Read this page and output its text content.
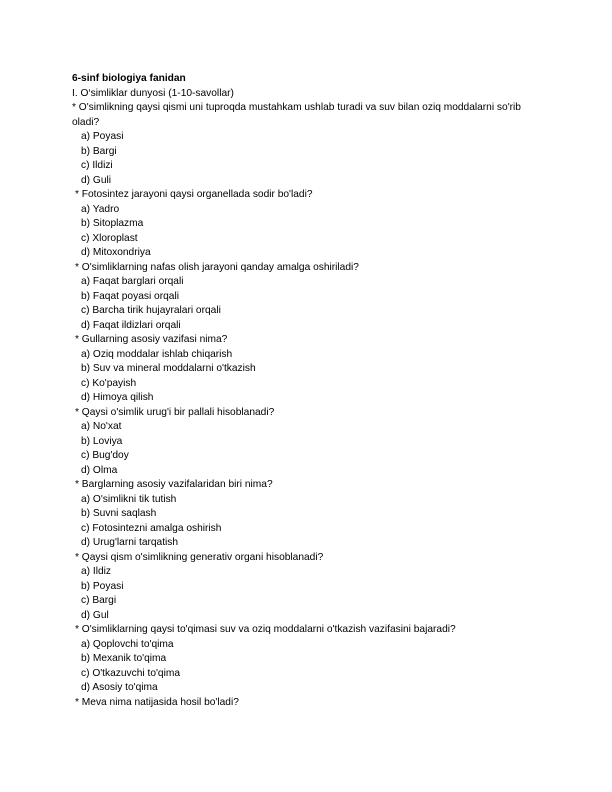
6-sinf biologiya fanidan
I. O‘simliklar dunyosi (1-10-savollar)
* O'simlikning qaysi qismi uni tuproqda mustahkam ushlab turadi va suv bilan oziq moddalarni so'rib oladi?
a) Poyasi
b) Bargi
c) Ildizi
d) Guli
* Fotosintez jarayoni qaysi organellada sodir bo'ladi?
a) Yadro
b) Sitoplazma
c) Xloroplast
d) Mitoxondriya
* O'simliklarning nafas olish jarayoni qanday amalga oshiriladi?
a) Faqat barglari orqali
b) Faqat poyasi orqali
c) Barcha tirik hujayralari orqali
d) Faqat ildizlari orqali
* Gullarning asosiy vazifasi nima?
a) Oziq moddalar ishlab chiqarish
b) Suv va mineral moddalarni o'tkazish
c) Ko'payish
d) Himoya qilish
* Qaysi o'simlik urug'i bir pallali hisoblanadi?
a) No'xat
b) Loviya
c) Bug'doy
d) Olma
* Barglarning asosiy vazifalaridan biri nima?
a) O'simlikni tik tutish
b) Suvni saqlash
c) Fotosintezni amalga oshirish
d) Urug'larni tarqatish
* Qaysi qism o'simlikning generativ organi hisoblanadi?
a) Ildiz
b) Poyasi
c) Bargi
d) Gul
* O'simliklarning qaysi to'qimasi suv va oziq moddalarni o'tkazish vazifasini bajaradi?
a) Qoplovchi to'qima
b) Mexanik to'qima
c) O'tkazuvchi to'qima
d) Asosiy to'qima
* Meva nima natijasida hosil bo'ladi?
